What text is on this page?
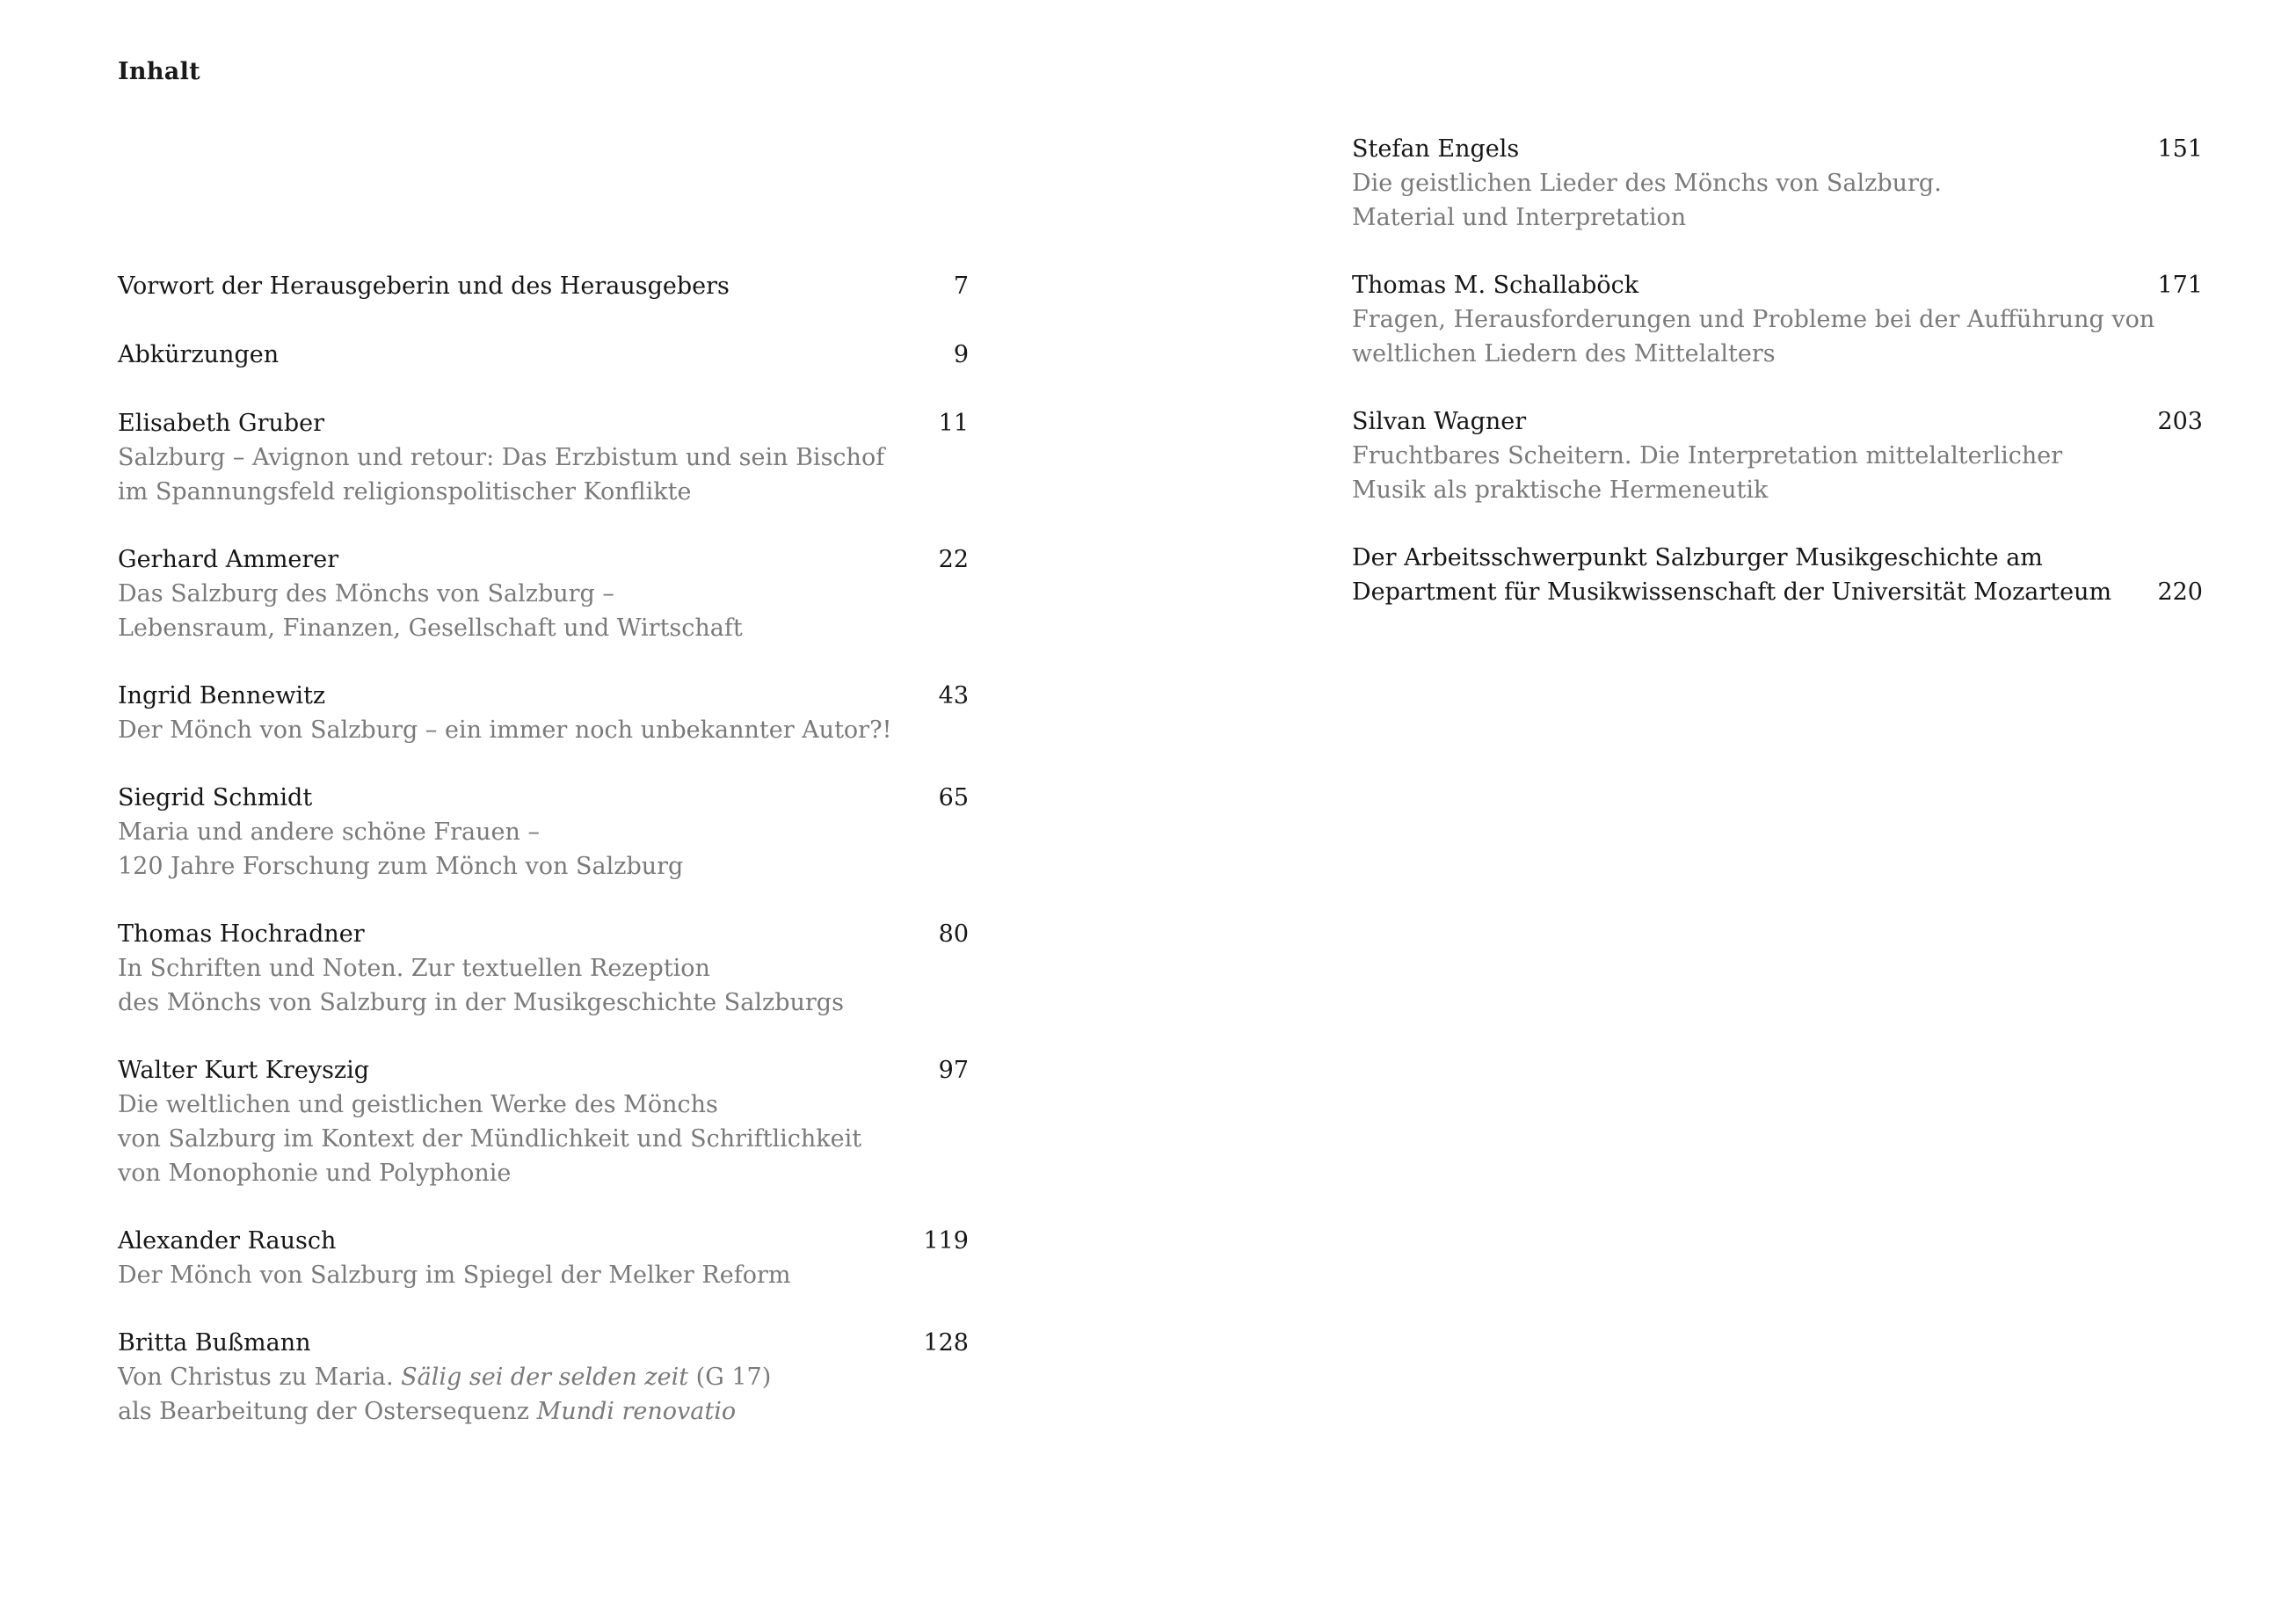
Inhalt
Vorwort der Herausgeberin und des Herausgebers	7
Abkürzungen	9
Elisabeth Gruber	11
Salzburg – Avignon und retour: Das Erzbistum und sein Bischof
im Spannungsfeld religionspolitischer Konflikte
Gerhard Ammerer	22
Das Salzburg des Mönchs von Salzburg –
Lebensraum, Finanzen, Gesellschaft und Wirtschaft
Ingrid Bennewitz	43
Der Mönch von Salzburg – ein immer noch unbekannter Autor?!
Siegrid Schmidt	65
Maria und andere schöne Frauen –
120 Jahre Forschung zum Mönch von Salzburg
Thomas Hochradner	80
In Schriften und Noten. Zur textuellen Rezeption
des Mönchs von Salzburg in der Musikgeschichte Salzburgs
Walter Kurt Kreyszig	97
Die weltlichen und geistlichen Werke des Mönchs
von Salzburg im Kontext der Mündlichkeit und Schriftlichkeit
von Monophonie und Polyphonie
Alexander Rausch	119
Der Mönch von Salzburg im Spiegel der Melker Reform
Britta Bußmann	128
Von Christus zu Maria. Sälig sei der selden zeit (G 17)
als Bearbeitung der Ostersequenz Mundi renovatio
Stefan Engels	151
Die geistlichen Lieder des Mönchs von Salzburg.
Material und Interpretation
Thomas M. Schallaböck	171
Fragen, Herausforderungen und Probleme bei der Aufführung von
weltlichen Liedern des Mittelalters
Silvan Wagner	203
Fruchtbares Scheitern. Die Interpretation mittelalterlicher
Musik als praktische Hermeneutik
Der Arbeitsschwerpunkt Salzburger Musikgeschichte am
Department für Musikwissenschaft der Universität Mozarteum	220
